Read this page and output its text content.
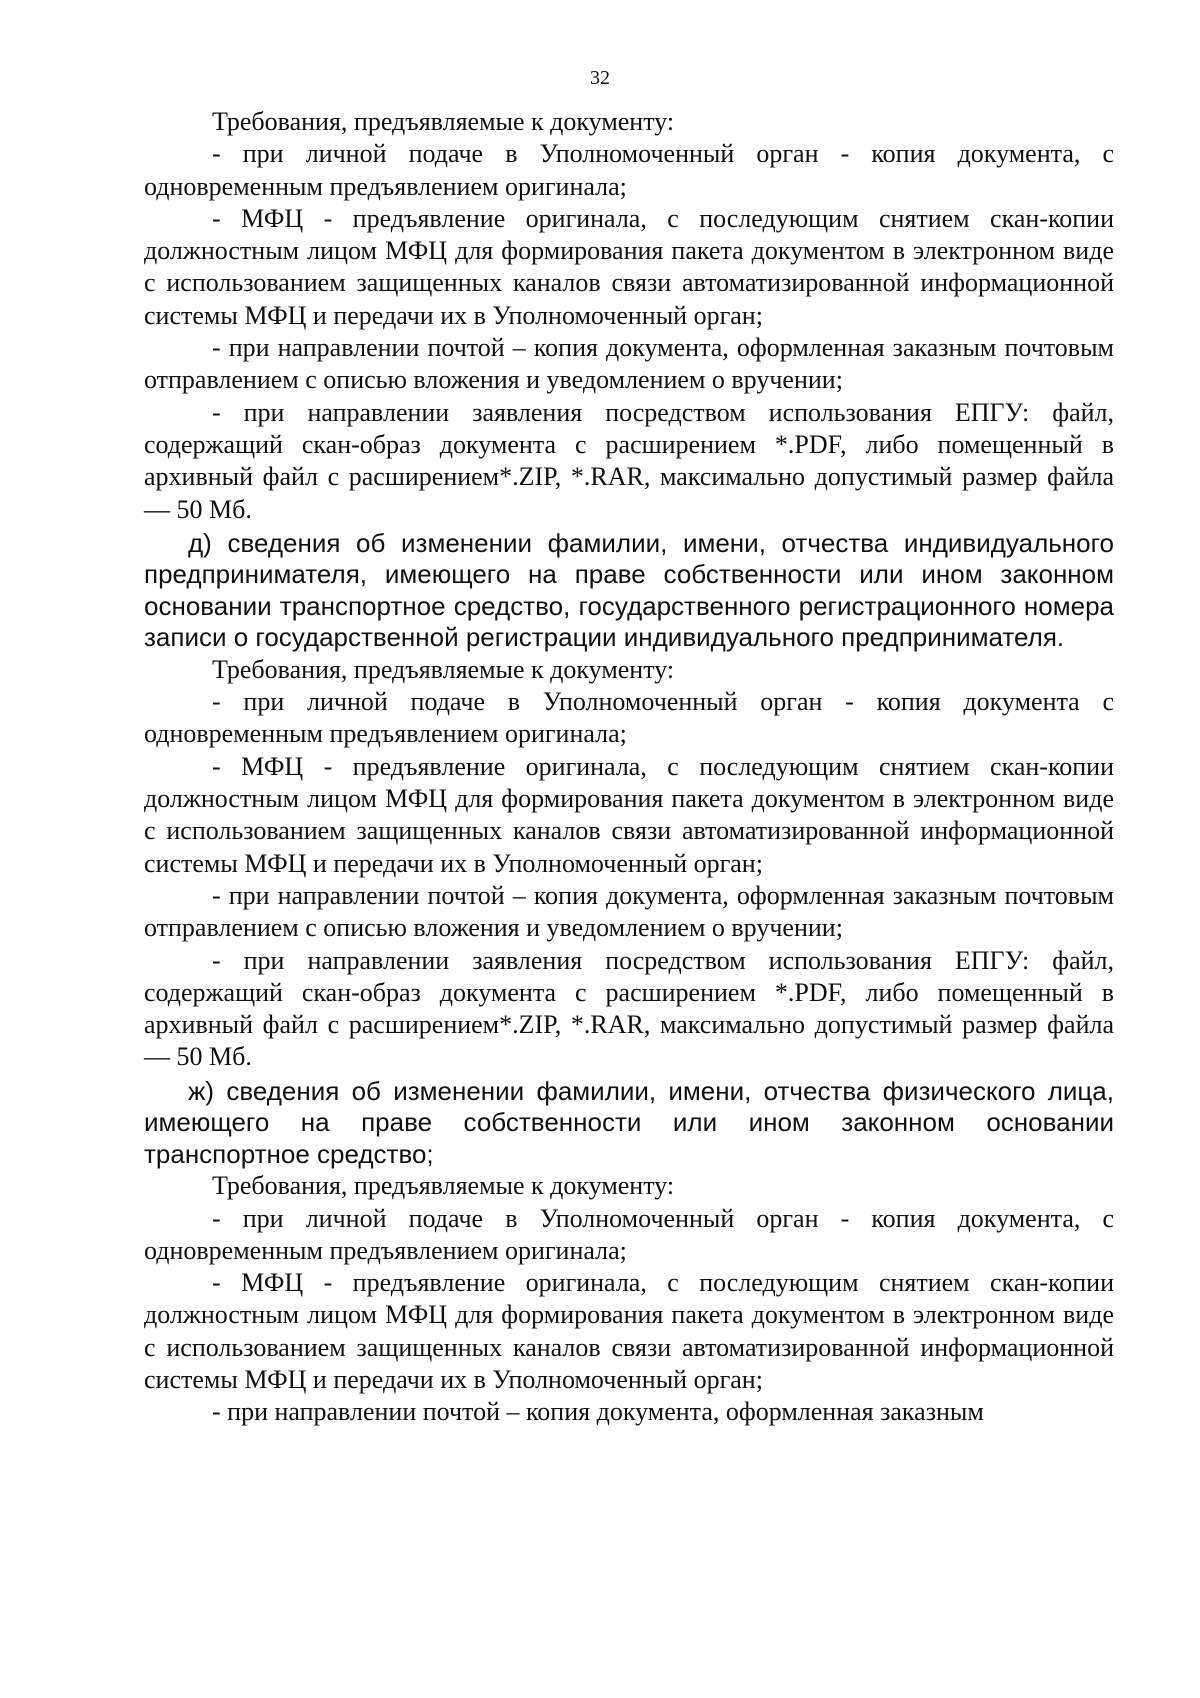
32

Требования, предъявляемые к документу:

- при личной подаче в Уполномоченный орган - копия документа, с одновременным предъявлением оригинала;

- МФЦ - предъявление оригинала, с последующим снятием скан-копии должностным лицом МФЦ для формирования пакета документом в электронном виде с использованием защищенных каналов связи автоматизированной информационной системы МФЦ и передачи их в Уполномоченный орган;

- при направлении почтой – копия документа, оформленная заказным почтовым отправлением с описью вложения и уведомлением о вручении;

- при направлении заявления посредством использования ЕПГУ: файл, содержащий скан-образ документа с расширением *.PDF, либо помещенный в архивный файл с расширением*.ZIP, *.RAR, максимально допустимый размер файла — 50 Мб.

д) сведения об изменении фамилии, имени, отчества индивидуального предпринимателя, имеющего на праве собственности или ином законном основании транспортное средство, государственного регистрационного номера записи о государственной регистрации индивидуального предпринимателя.

Требования, предъявляемые к документу:

- при личной подаче в Уполномоченный орган - копия документа с одновременным предъявлением оригинала;

- МФЦ - предъявление оригинала, с последующим снятием скан-копии должностным лицом МФЦ для формирования пакета документом в электронном виде с использованием защищенных каналов связи автоматизированной информационной системы МФЦ и передачи их в Уполномоченный орган;

- при направлении почтой – копия документа, оформленная заказным почтовым отправлением с описью вложения и уведомлением о вручении;

- при направлении заявления посредством использования ЕПГУ: файл, содержащий скан-образ документа с расширением *.PDF, либо помещенный в архивный файл с расширением*.ZIP, *.RAR, максимально допустимый размер файла — 50 Мб.

ж) сведения об изменении фамилии, имени, отчества физического лица, имеющего на праве собственности или ином законном основании транспортное средство;

Требования, предъявляемые к документу:

- при личной подаче в Уполномоченный орган - копия документа, с одновременным предъявлением оригинала;

- МФЦ - предъявление оригинала, с последующим снятием скан-копии должностным лицом МФЦ для формирования пакета документом в электронном виде с использованием защищенных каналов связи автоматизированной информационной системы МФЦ и передачи их в Уполномоченный орган;

- при направлении почтой – копия документа, оформленная заказным
